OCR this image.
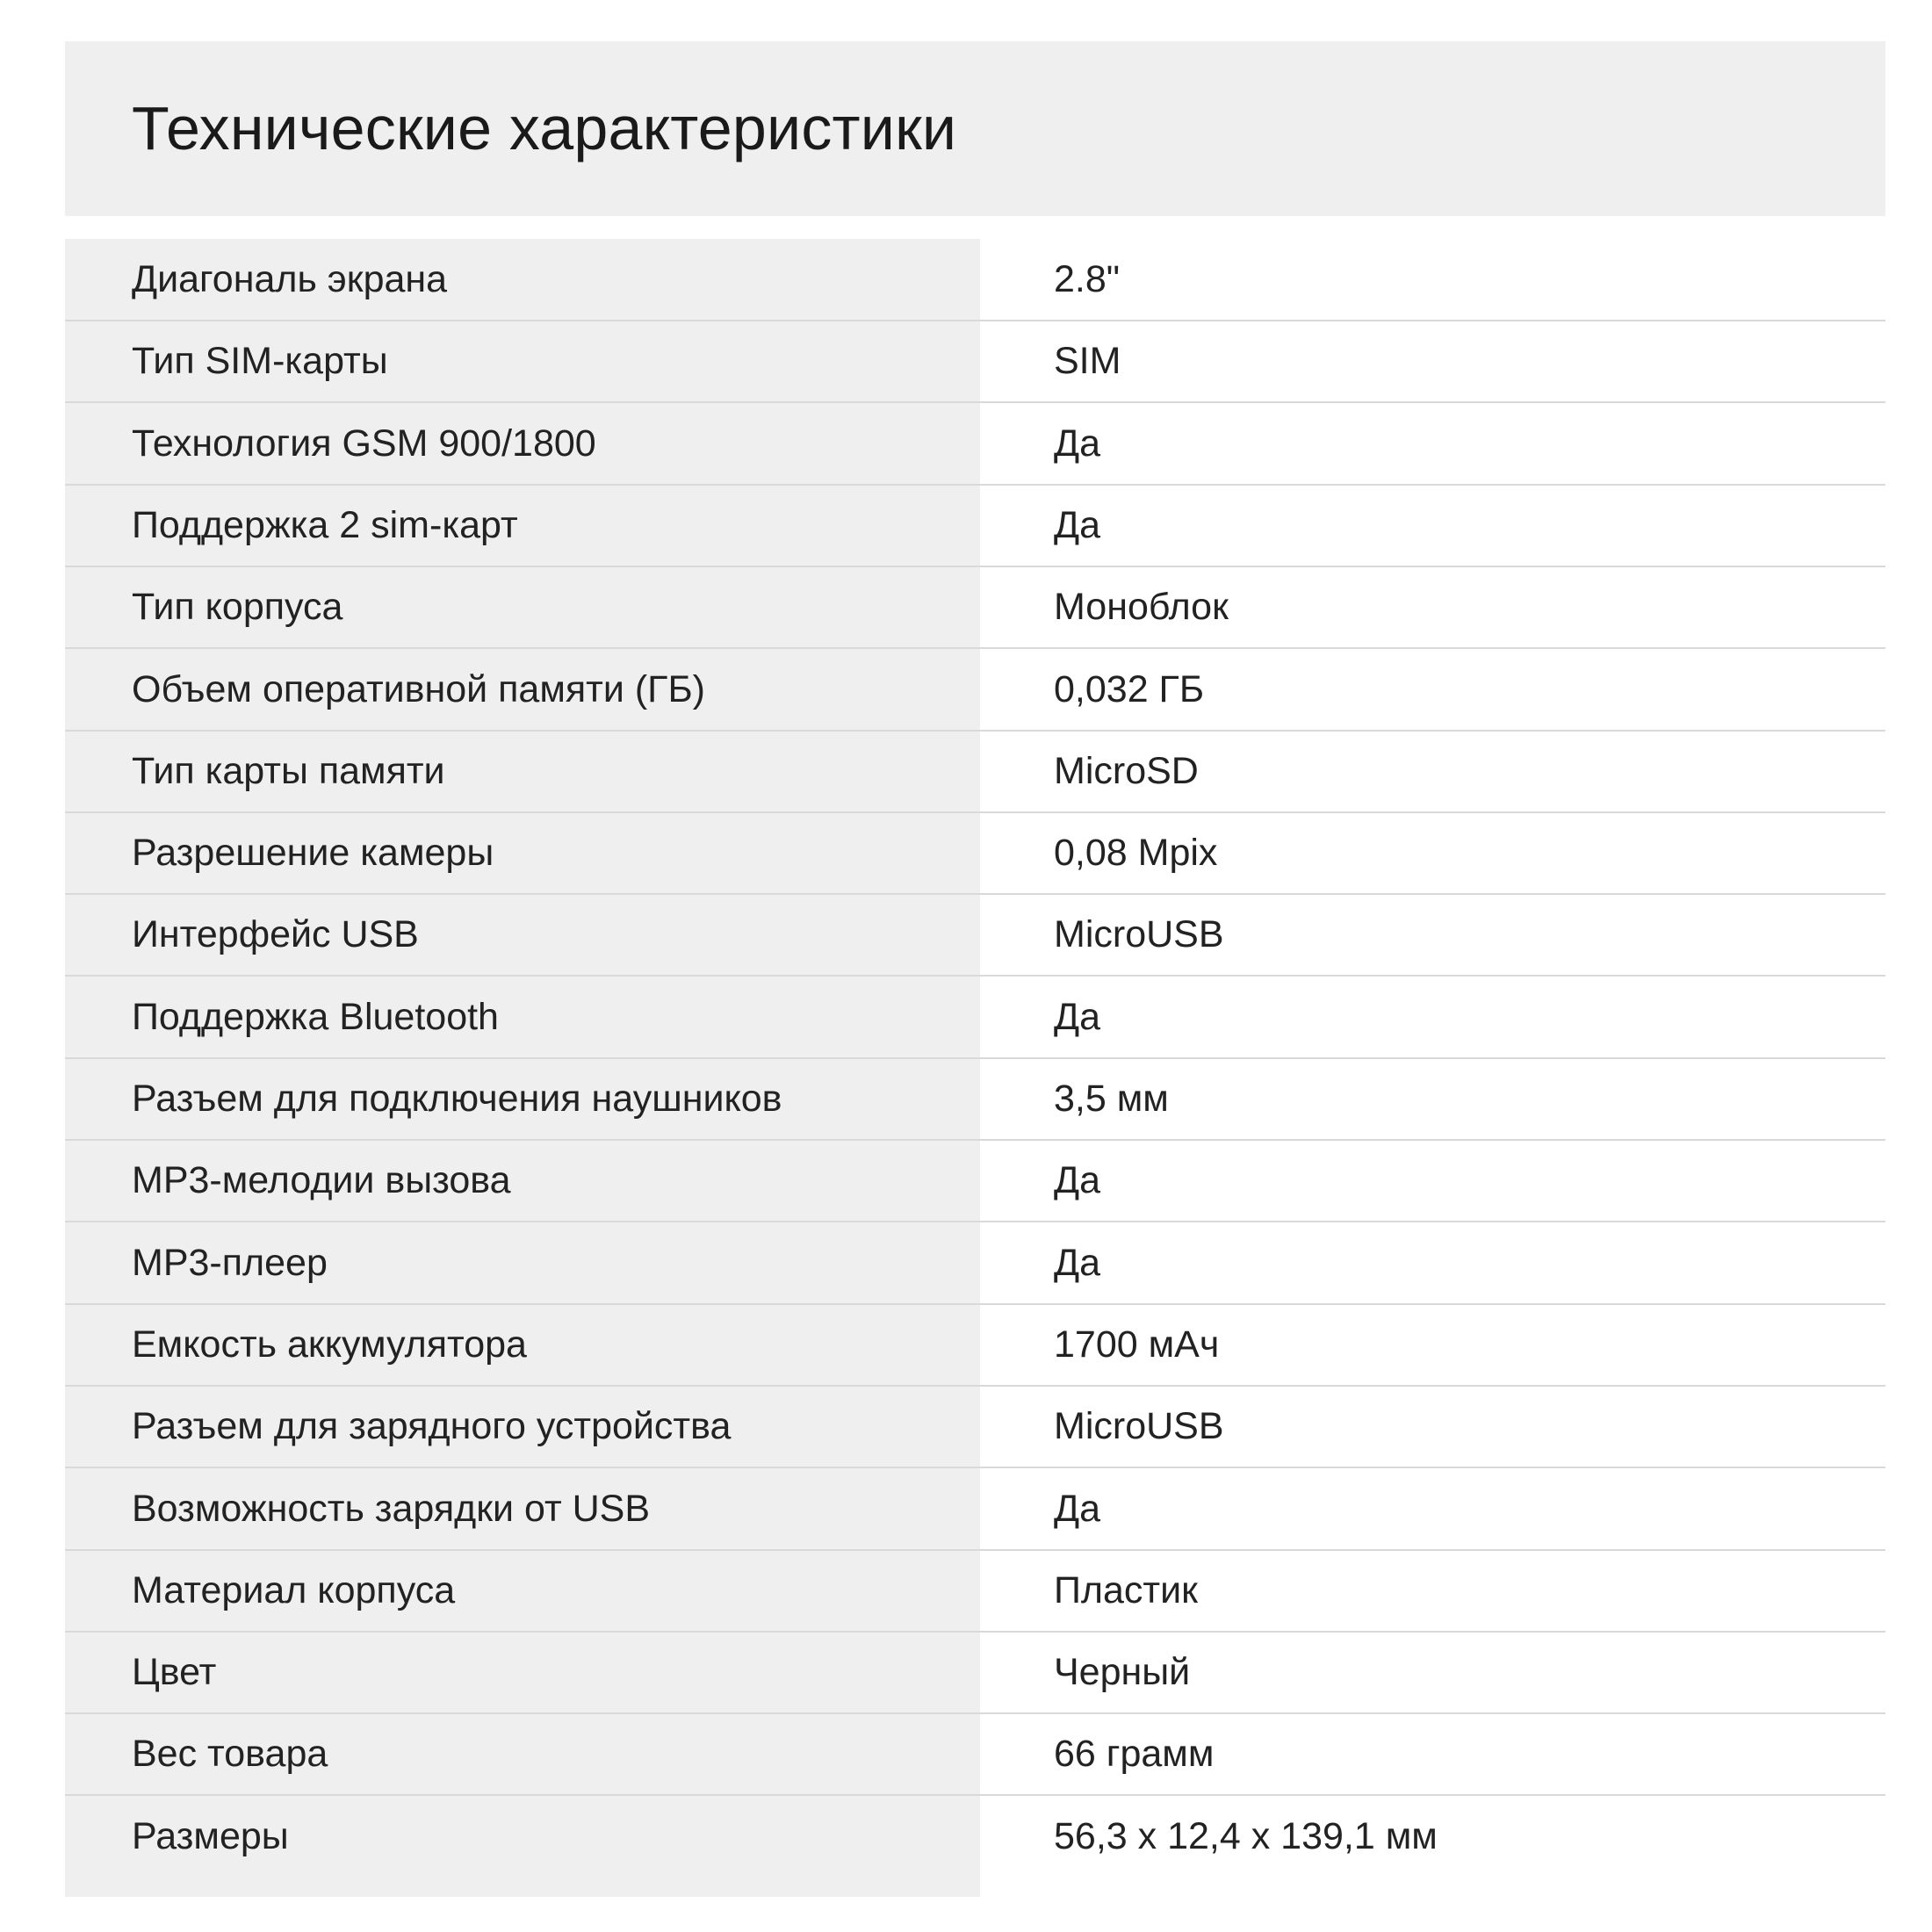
Технические характеристики
Диагональ экрана	2.8"
Тип SIM-карты	SIM
Технология GSM 900/1800	Да
Поддержка 2 sim-карт	Да
Тип корпуса	Моноблок
Объем оперативной памяти (ГБ)	0,032 ГБ
Тип карты памяти	MicroSD
Разрешение камеры	0,08 Mpix
Интерфейс USB	MicroUSB
Поддержка Bluetooth	Да
Разъем для подключения наушников	3,5 мм
MP3-мелодии вызова	Да
MP3-плеер	Да
Емкость аккумулятора	1700 мАч
Разъем для зарядного устройства	MicroUSB
Возможность зарядки от USB	Да
Материал корпуса	Пластик
Цвет	Черный
Вес товара	66 грамм
Размеры	56,3 x 12,4 x 139,1 мм
